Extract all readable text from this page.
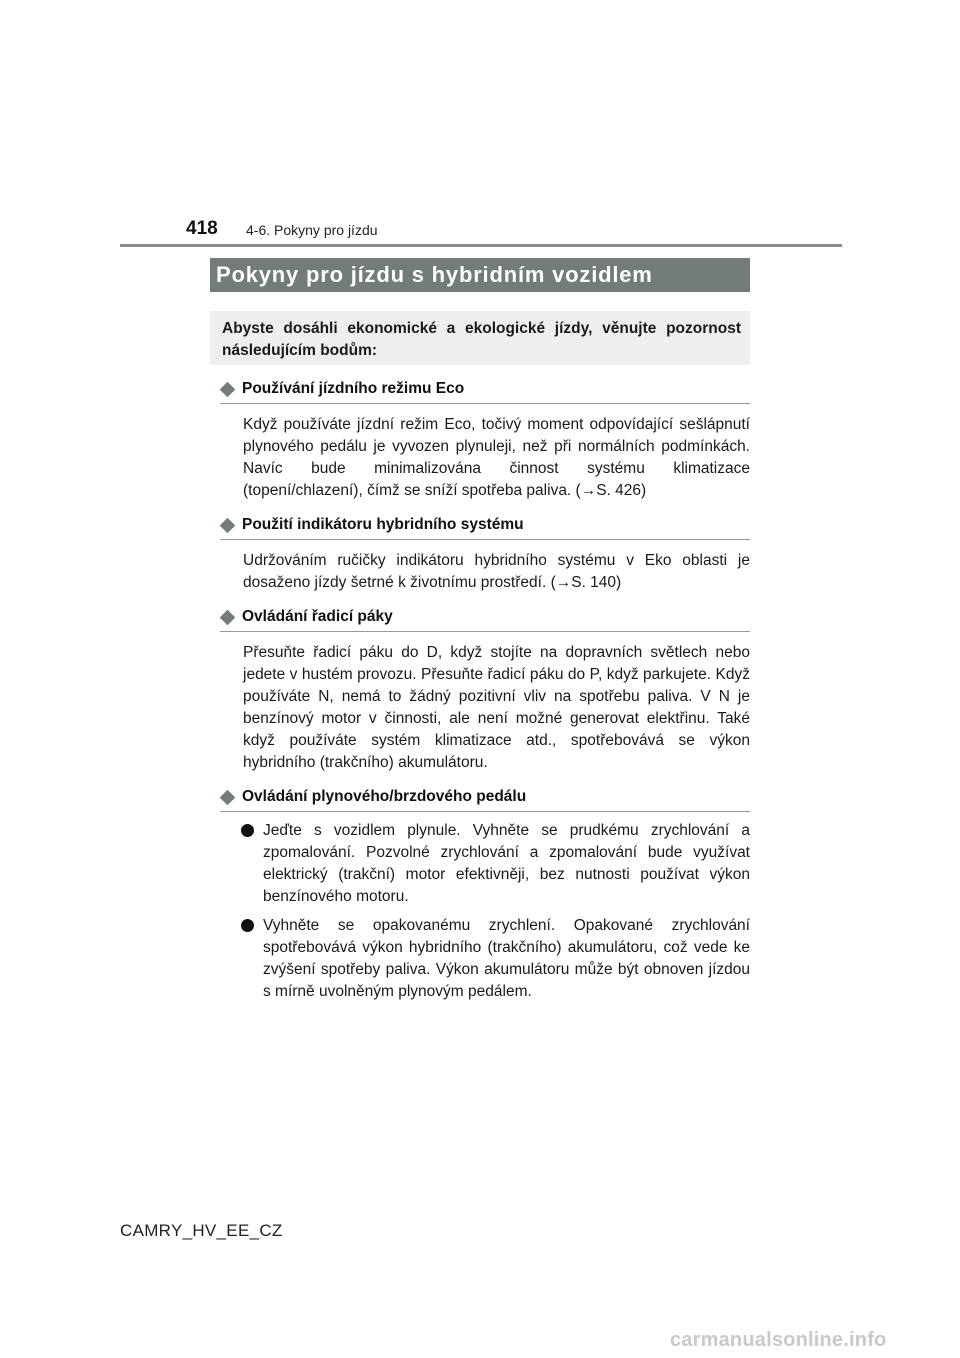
418 4-6. Pokyny pro jízdu
Pokyny pro jízdu s hybridním vozidlem
Abyste dosáhli ekonomické a ekologické jízdy, věnujte pozornost následujícím bodům:
Používání jízdního režimu Eco
Když používáte jízdní režim Eco, točivý moment odpovídající sešlápnutí plynového pedálu je vyvozen plynuleji, než při normálních podmínkách. Navíc bude minimalizována činnost systému klimatizace (topení/chlazení), čímž se sníží spotřeba paliva. (→S. 426)
Použití indikátoru hybridního systému
Udržováním ručičky indikátoru hybridního systému v Eko oblasti je dosaženo jízdy šetrné k životnímu prostředí. (→S. 140)
Ovládání řadicí páky
Přesuňte řadicí páku do D, když stojíte na dopravních světlech nebo jedete v hustém provozu. Přesuňte řadicí páku do P, když parkujete. Když používáte N, nemá to žádný pozitivní vliv na spotřebu paliva. V N je benzínový motor v činnosti, ale není možné generovat elektřinu. Také když používáte systém klimatizace atd., spotřebovává se výkon hybridního (trakčního) akumulátoru.
Ovládání plynového/brzdového pedálu
Jeďte s vozidlem plynule. Vyhněte se prudkému zrychlování a zpomalování. Pozvolné zrychlování a zpomalování bude využívat elektrický (trakční) motor efektivněji, bez nutnosti používat výkon benzínového motoru.
Vyhněte se opakovanému zrychlení. Opakované zrychlování spotřebovává výkon hybridního (trakčního) akumulátoru, což vede ke zvýšení spotřeby paliva. Výkon akumulátoru může být obnoven jízdou s mírně uvolněným plynovým pedálem.
CAMRY_HV_EE_CZ
carmanualsonline.info
